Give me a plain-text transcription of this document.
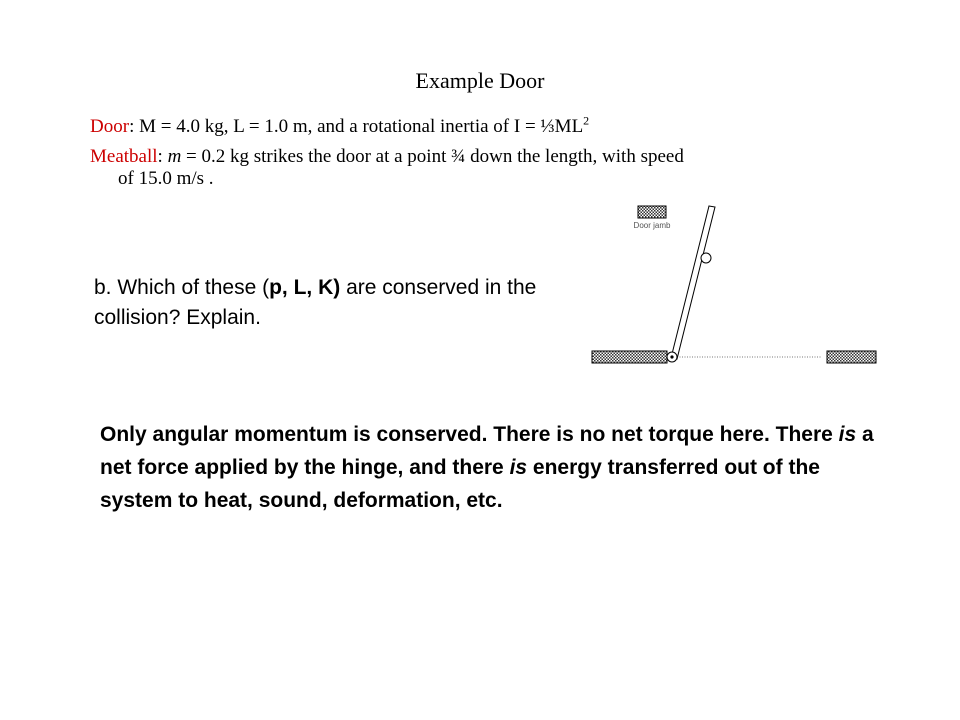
Example Door
Door: M = 4.0 kg, L = 1.0 m, and a rotational inertia of $I = \frac{1}{3}ML^2$
Meatball: m = 0.2 kg strikes the door at a point ¾ down the length, with speed
of 15.0 m/s .
b. Which of these (p, L, K) are conserved in the collision? Explain.
Only angular momentum is conserved. There is no net torque here. There is a net force applied by the hinge, and there is energy transferred out of the system to heat, sound, deformation, etc.
Door jamb
